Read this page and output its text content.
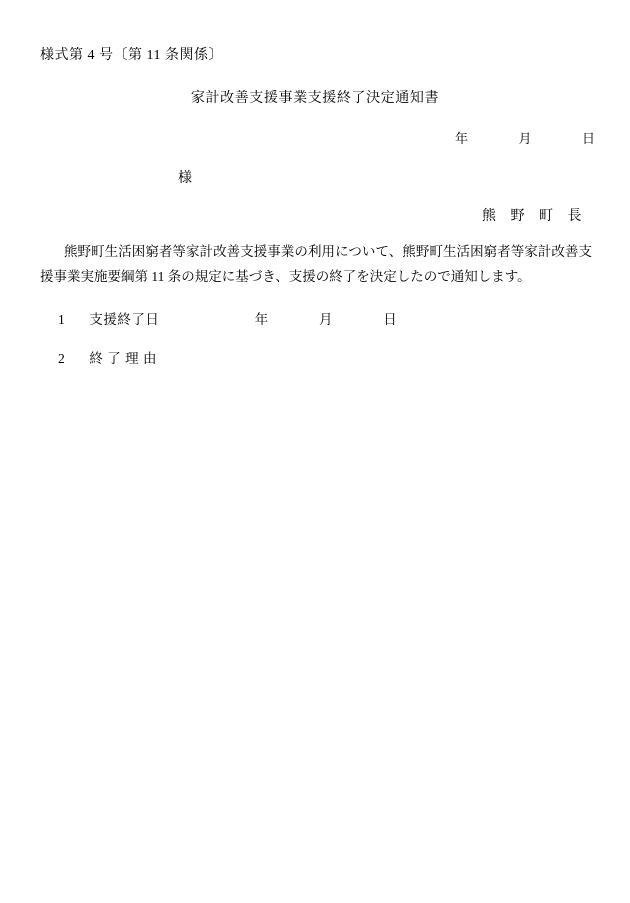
様式第 4 号〔第 11 条関係〕
家計改善支援事業支援終了決定通知書
年	月	日
様
熊 野 町 長
熊野町生活困窮者等家計改善支援事業の利用について、熊野町生活困窮者等家計改善支援事業実施要綱第 11 条の規定に基づき、支援の終了を決定したので通知します。
1 支援終了日	年	月	日
2 終 了 理 由
